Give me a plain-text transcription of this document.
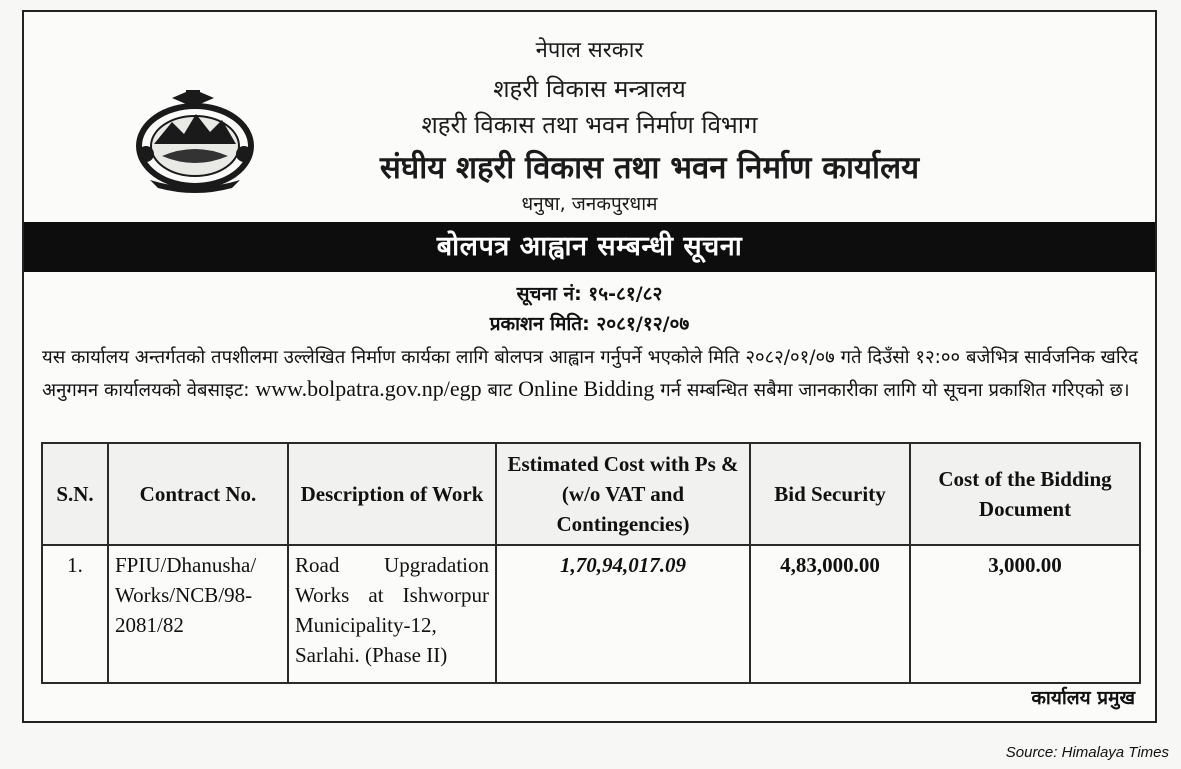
नेपाल सरकार
शहरी विकास मन्त्रालय
शहरी विकास तथा भवन निर्माण विभाग
संघीय शहरी विकास तथा भवन निर्माण कार्यालय
धनुषा, जनकपुरधाम
बोलपत्र आह्वान सम्बन्धी सूचना
सूचना नं: १५-८१/८२
प्रकाशन मिति: २०८१/१२/०७
यस कार्यालय अन्तर्गतको तपशीलमा उल्लेखित निर्माण कार्यका लागि बोलपत्र आह्वान गर्नुपर्ने भएकोले मिति २०८२/०१/०७ गते दिउँसो १२:०० बजेभित्र सार्वजनिक खरिद अनुगमन कार्यालयको वेबसाइट: www.bolpatra.gov.np/egp बाट Online Bidding गर्न सम्बन्धित सबैमा जानकारीका लागि यो सूचना प्रकाशित गरिएको छ।
S.N.	Contract No.	Description of Work	Estimated Cost with Ps & (w/o VAT and Contingencies)	Bid Security	Cost of the Bidding Document
1.	FPIU/Dhanusha/ Works/NCB/98-2081/82	Road Upgradation Works at Ishworpur Municipality-12, Sarlahi. (Phase II)	1,70,94,017.09	4,83,000.00	3,000.00
कार्यालय प्रमुख
Source: Himalaya Times
